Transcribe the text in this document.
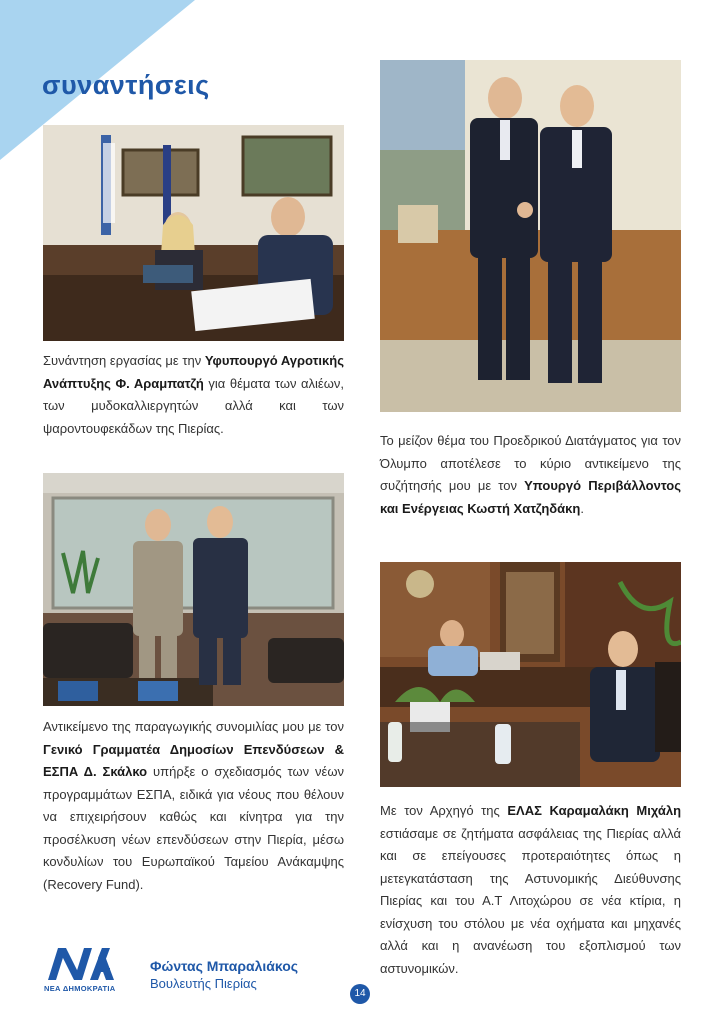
συναντήσεις
Συνάντηση εργασίας με την Υφυπουργό Αγροτικής Ανάπτυξης Φ. Αραμπατζή για θέματα των αλιέων, των μυδοκαλλιεργητών αλλά και των ψαροντουφεκάδων της Πιερίας.
Το μείζον θέμα του Προεδρικού Διατάγματος για τον Όλυμπο αποτέλεσε το κύριο αντικείμενο της συζήτησής μου με τον Υπουργό Περιβάλλοντος και Ενέργειας Κωστή Χατζηδάκη.
Αντικείμενο της παραγωγικής συνομιλίας μου με τον Γενικό Γραμματέα Δημοσίων Επενδύσεων & ΕΣΠΑ Δ. Σκάλκο υπήρξε ο σχεδιασμός των νέων προγραμμάτων ΕΣΠΑ, ειδικά για νέους που θέλουν να επιχειρήσουν καθώς και κίνητρα για την προσέλκυση νέων επενδύσεων στην Πιερία, μέσω κονδυλίων του Ευρωπαϊκού Ταμείου Ανάκαμψης (Recovery Fund).
Με τον Αρχηγό της ΕΛΑΣ Καραμαλάκη Μιχάλη εστιάσαμε σε ζητήματα ασφάλειας της Πιερίας αλλά και σε επείγουσες προτεραιότητες όπως η μετεγκατάσταση της Αστυνομικής Διεύθυνσης Πιερίας και του Α.Τ Λιτοχώρου σε νέα κτίρια, η ενίσχυση του στόλου με νέα οχήματα και μηχανές αλλά και η ανανέωση του εξοπλισμού των αστυνομικών.
ΝΕΑ ΔΗΜΟΚΡΑΤΙΑ
Φώντας Μπαραλιάκος
Βουλευτής Πιερίας
14
